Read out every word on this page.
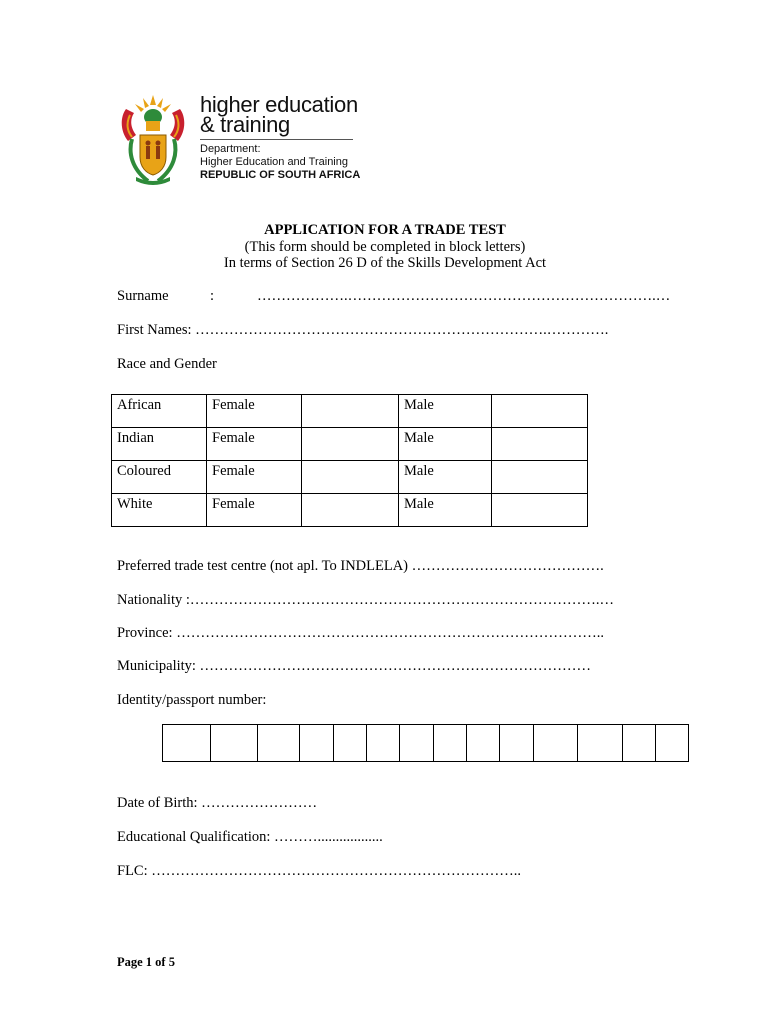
higher education
& training
Department:
Higher Education and Training
REPUBLIC OF SOUTH AFRICA
APPLICATION FOR A TRADE TEST
(This form should be completed in block letters)
In terms of Section 26 D of the Skills Development Act
Surname	:	……………….……………………………………………………….…
First Names: ……………………………………………………………….………….
Race and Gender
African	Female		Male	
Indian	Female		Male	
Coloured	Female		Male	
White	Female		Male	
Preferred trade test centre (not apl. To INDLELA) ………………………………….
Nationality :………………………………………………………………………….…
Province: ……………………………………………………………………………..
Municipality: ………………………………………………………………………
Identity/passport number:

Date of Birth: ……………………
Educational Qualification: ………..................
FLC: …………………………………………………………………..
Page 1 of 5
